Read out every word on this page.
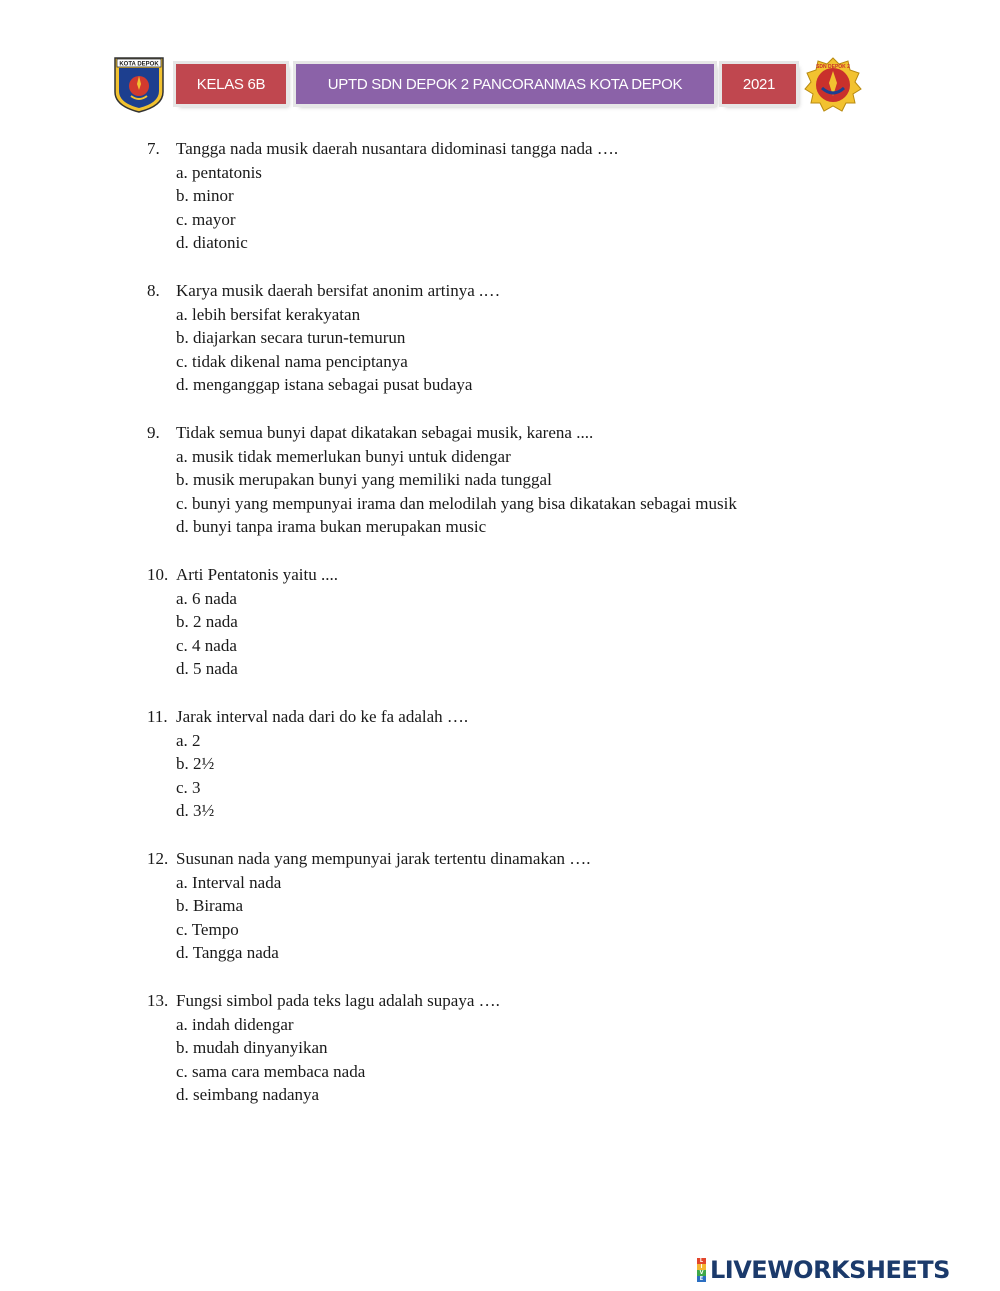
KOTA DEPOK
KELAS 6B	UPTD SDN DEPOK 2 PANCORANMAS KOTA DEPOK	2021
SDN DEPOK 2
7. Tangga nada musik daerah nusantara didominasi tangga nada ….
a. pentatonis
b. minor
c. mayor
d. diatonic
8. Karya musik daerah bersifat anonim artinya .…
a. lebih bersifat kerakyatan
b. diajarkan secara turun-temurun
c. tidak dikenal nama penciptanya
d. menganggap istana sebagai pusat budaya
9. Tidak semua bunyi dapat dikatakan sebagai musik, karena ....
a. musik tidak memerlukan bunyi untuk didengar
b. musik merupakan bunyi yang memiliki nada tunggal
c. bunyi yang mempunyai irama dan melodilah yang bisa dikatakan sebagai musik
d. bunyi tanpa irama bukan merupakan music
10. Arti Pentatonis yaitu ....
a. 6 nada
b. 2 nada
c. 4 nada
d. 5 nada
11. Jarak interval nada dari do ke fa adalah ….
a. 2
b. 2½
c. 3
d. 3½
12. Susunan nada yang mempunyai jarak tertentu dinamakan ….
a. Interval nada
b. Birama
c. Tempo
d. Tangga nada
13. Fungsi simbol pada teks lagu adalah supaya ….
a. indah didengar
b. mudah dinyanyikan
c. sama cara membaca nada
d. seimbang nadanya
L
I
V
E LIVEWORKSHEETS
